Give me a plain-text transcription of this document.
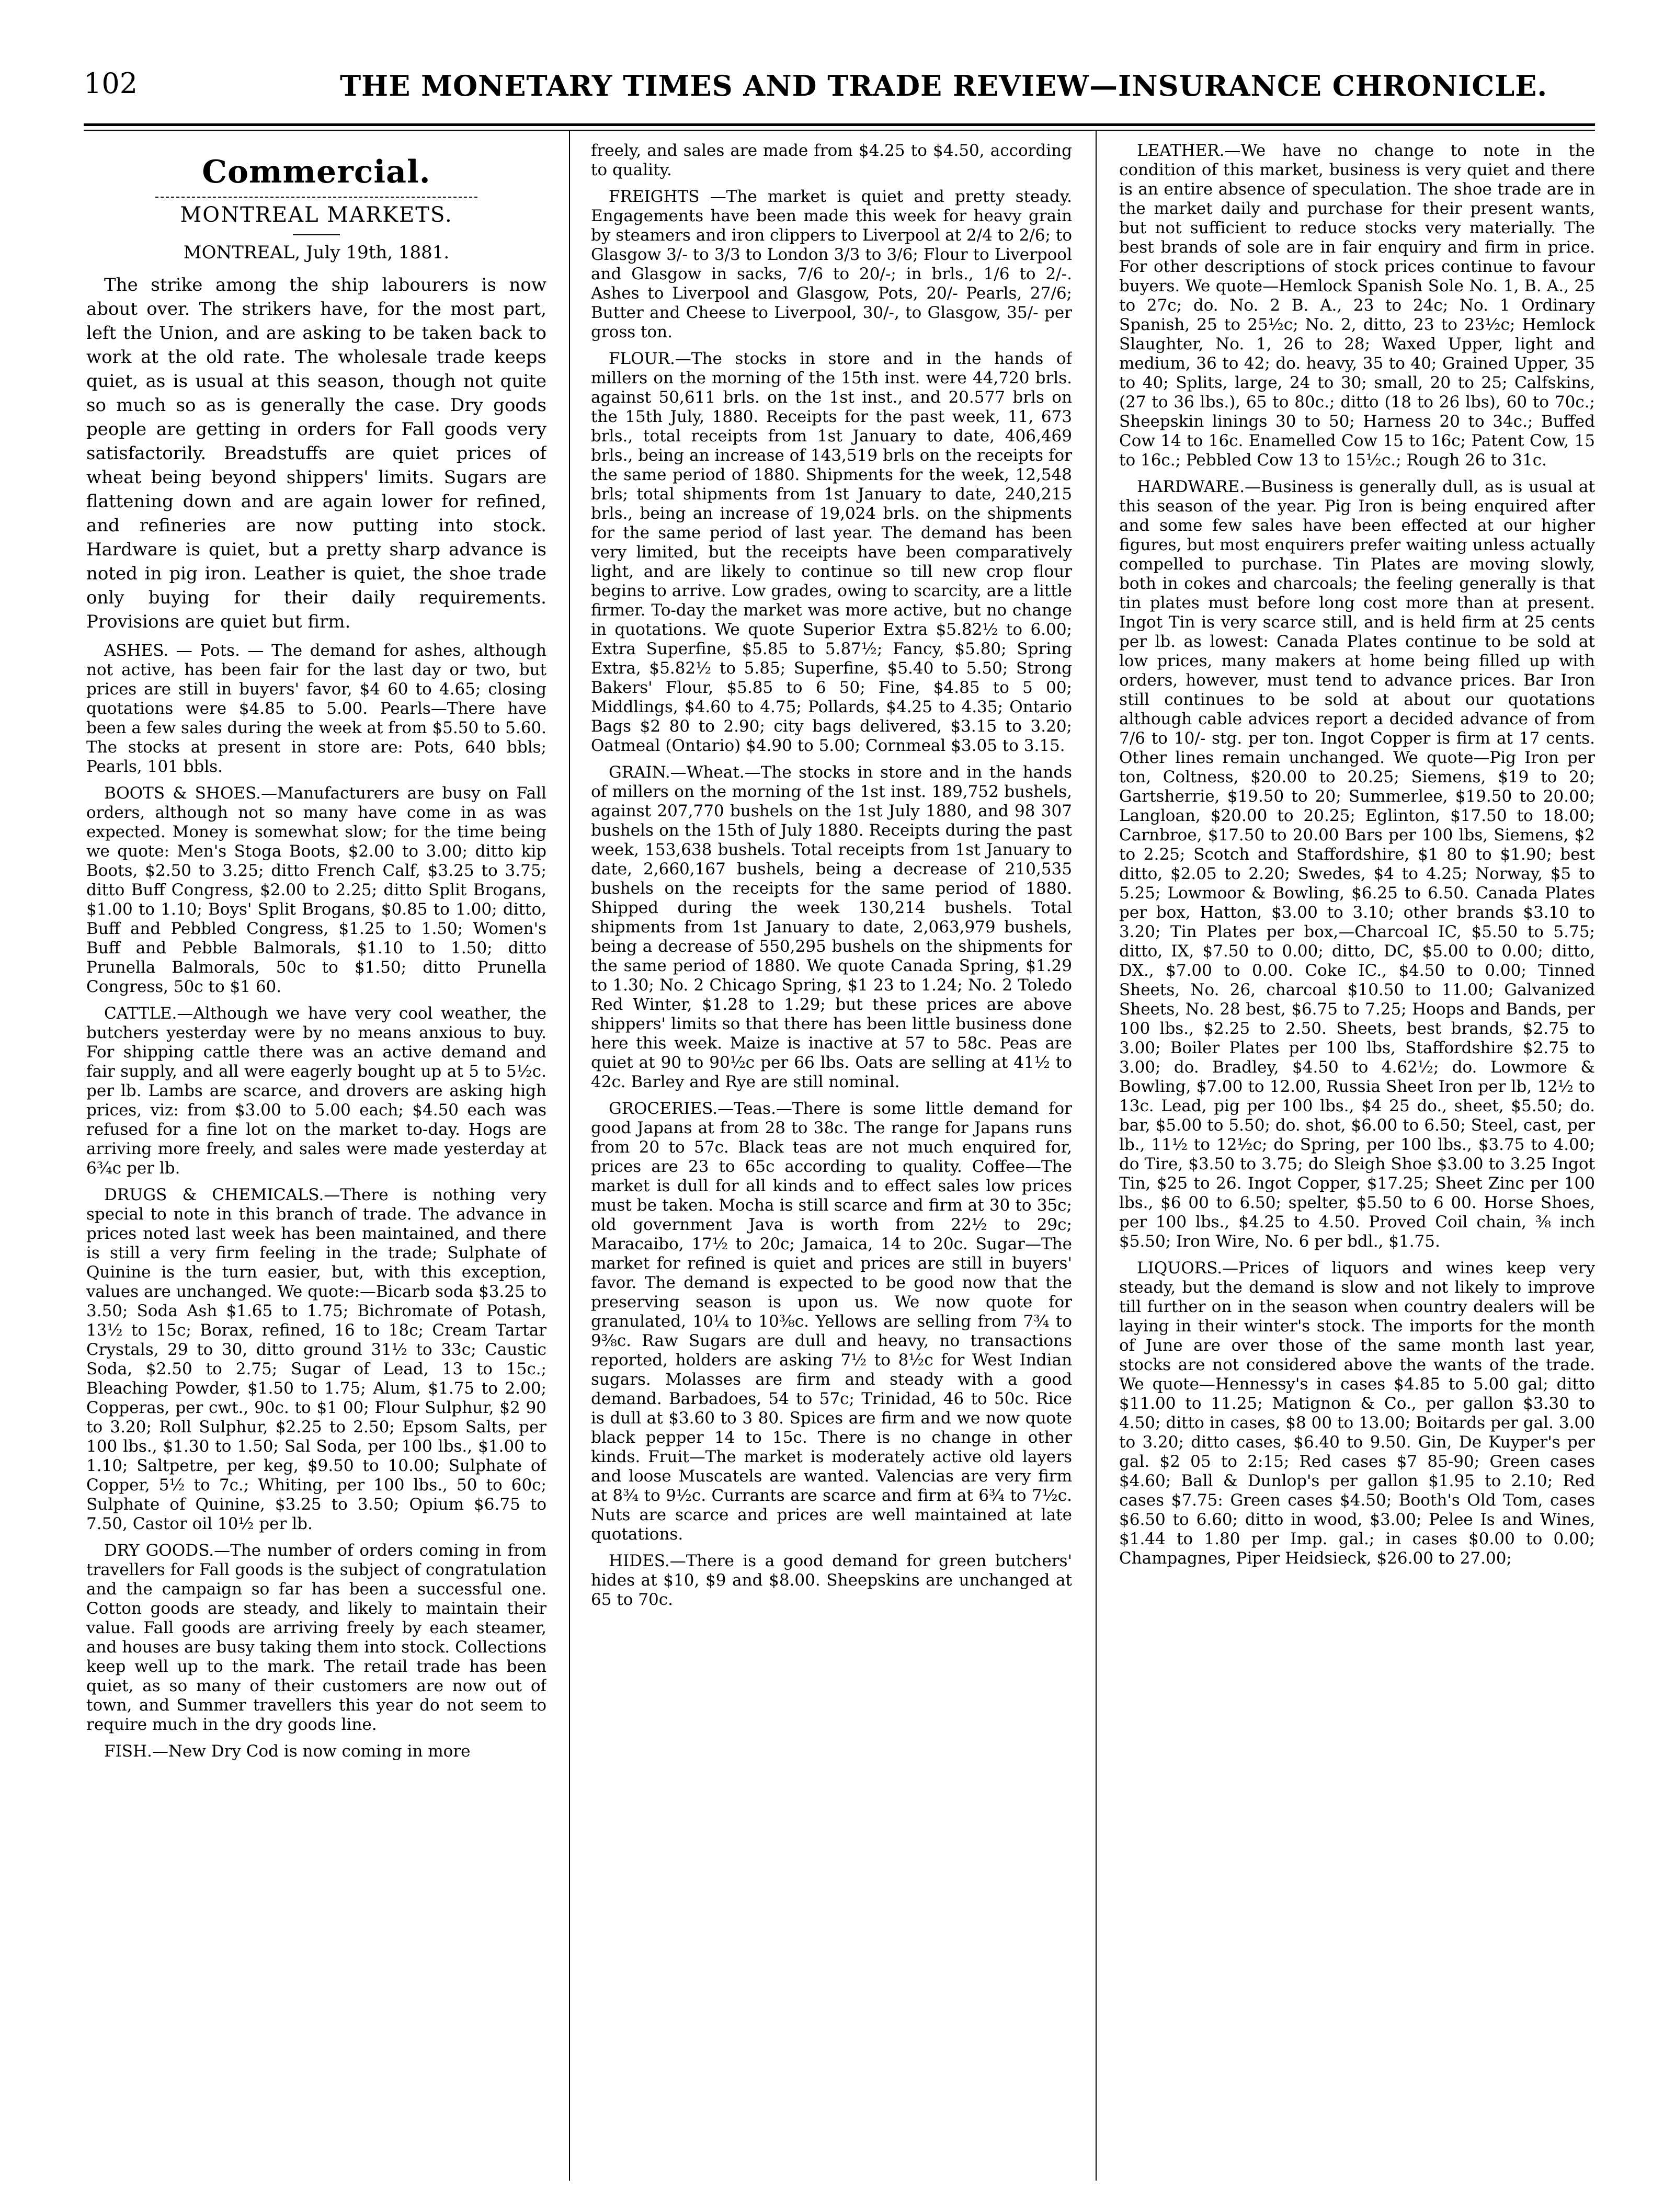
102	THE MONETARY TIMES AND TRADE REVIEW—INSURANCE CHRONICLE.
Commercial.
MONTREAL MARKETS.
MONTREAL, July 19th, 1881.

The strike among the ship labourers is now about over. The strikers have, for the most part, left the Union, and are asking to be taken back to work at the old rate. The wholesale trade keeps quiet, as is usual at this season, though not quite so much so as is generally the case. Dry goods people are getting in orders for Fall goods very satisfactorily. Breadstuffs are quiet prices of wheat being beyond shippers' limits. Sugars are flattening down and are again lower for refined, and refineries are now putting into stock. Hardware is quiet, but a pretty sharp advance is noted in pig iron. Leather is quiet, the shoe trade only buying for their daily requirements. Provisions are quiet but firm.

ASHES. — Pots. — The demand for ashes, although not active, has been fair for the last day or two, but prices are still in buyers' favor, $4 60 to 4.65; closing quotations were $4.85 to 5.00. Pearls—There have been a few sales during the week at from $5.50 to 5.60. The stocks at present in store are: Pots, 640 bbls; Pearls, 101 bbls.

BOOTS & SHOES.—Manufacturers are busy on Fall orders, although not so many have come in as was expected. Money is somewhat slow; for the time being we quote: Men's Stoga Boots, $2.00 to 3.00; ditto kip Boots, $2.50 to 3.25; ditto French Calf, $3.25 to 3.75; ditto Buff Congress, $2.00 to 2.25; ditto Split Brogans, $1.00 to 1.10; Boys' Split Brogans, $0.85 to 1.00; ditto, Buff and Pebbled Congress, $1.25 to 1.50; Women's Buff and Pebble Balmorals, $1.10 to 1.50; ditto Prunella Balmorals, 50c to $1.50; ditto Prunella Congress, 50c to $1 60.

CATTLE.—Although we have very cool weather, the butchers yesterday were by no means anxious to buy. For shipping cattle there was an active demand and fair supply, and all were eagerly bought up at 5 to 5½c. per lb. Lambs are scarce, and drovers are asking high prices, viz: from $3.00 to 5.00 each; $4.50 each was refused for a fine lot on the market to-day. Hogs are arriving more freely, and sales were made yesterday at 6¾c per lb.

DRUGS & CHEMICALS.—There is nothing very special to note in this branch of trade. The advance in prices noted last week has been maintained, and there is still a very firm feeling in the trade; Sulphate of Quinine is the turn easier, but, with this exception, values are unchanged. We quote:—Bicarb soda $3.25 to 3.50; Soda Ash $1.65 to 1.75; Bichromate of Potash, 13½ to 15c; Borax, refined, 16 to 18c; Cream Tartar Crystals, 29 to 30, ditto ground 31½ to 33c; Caustic Soda, $2.50 to 2.75; Sugar of Lead, 13 to 15c.; Bleaching Powder, $1.50 to 1.75; Alum, $1.75 to 2.00; Copperas, per cwt., 90c. to $1 00; Flour Sulphur, $2 90 to 3.20; Roll Sulphur, $2.25 to 2.50; Epsom Salts, per 100 lbs., $1.30 to 1.50; Sal Soda, per 100 lbs., $1.00 to 1.10; Saltpetre, per keg, $9.50 to 10.00; Sulphate of Copper, 5½ to 7c.; Whiting, per 100 lbs., 50 to 60c; Sulphate of Quinine, $3.25 to 3.50; Opium $6.75 to 7.50, Castor oil 10½ per lb.

DRY GOODS.—The number of orders coming in from travellers for Fall goods is the subject of congratulation and the campaign so far has been a successful one. Cotton goods are steady, and likely to maintain their value. Fall goods are arriving freely by each steamer, and houses are busy taking them into stock. Collections keep well up to the mark. The retail trade has been quiet, as so many of their customers are now out of town, and Summer travellers this year do not seem to require much in the dry goods line.

FISH.—New Dry Cod is now coming in more

freely, and sales are made from $4.25 to $4.50, according to quality.

FREIGHTS —The market is quiet and pretty steady. Engagements have been made this week for heavy grain by steamers and iron clippers to Liverpool at 2/4 to 2/6; to Glasgow 3/- to 3/3 to London 3/3 to 3/6; Flour to Liverpool and Glasgow in sacks, 7/6 to 20/-; in brls., 1/6 to 2/-. Ashes to Liverpool and Glasgow, Pots, 20/- Pearls, 27/6; Butter and Cheese to Liverpool, 30/-, to Glasgow, 35/- per gross ton.

FLOUR.—The stocks in store and in the hands of millers on the morning of the 15th inst. were 44,720 brls. against 50,611 brls. on the 1st inst., and 20.577 brls on the 15th July, 1880. Receipts for the past week, 11, 673 brls., total receipts from 1st January to date, 406,469 brls., being an increase of 143,519 brls on the receipts for the same period of 1880. Shipments for the week, 12,548 brls; total shipments from 1st January to date, 240,215 brls., being an increase of 19,024 brls. on the shipments for the same period of last year. The demand has been very limited, but the receipts have been comparatively light, and are likely to continue so till new crop flour begins to arrive. Low grades, owing to scarcity, are a little firmer. To-day the market was more active, but no change in quotations. We quote Superior Extra $5.82½ to 6.00; Extra Superfine, $5.85 to 5.87½; Fancy, $5.80; Spring Extra, $5.82½ to 5.85; Superfine, $5.40 to 5.50; Strong Bakers' Flour, $5.85 to 6 50; Fine, $4.85 to 5 00; Middlings, $4.60 to 4.75; Pollards, $4.25 to 4.35; Ontario Bags $2 80 to 2.90; city bags delivered, $3.15 to 3.20; Oatmeal (Ontario) $4.90 to 5.00; Cornmeal $3.05 to 3.15.

GRAIN.—Wheat.—The stocks in store and in the hands of millers on the morning of the 1st inst. 189,752 bushels, against 207,770 bushels on the 1st July 1880, and 98 307 bushels on the 15th of July 1880. Receipts during the past week, 153,638 bushels. Total receipts from 1st January to date, 2,660,167 bushels, being a decrease of 210,535 bushels on the receipts for the same period of 1880. Shipped during the week 130,214 bushels. Total shipments from 1st January to date, 2,063,979 bushels, being a decrease of 550,295 bushels on the shipments for the same period of 1880. We quote Canada Spring, $1.29 to 1.30; No. 2 Chicago Spring, $1 23 to 1.24; No. 2 Toledo Red Winter, $1.28 to 1.29; but these prices are above shippers' limits so that there has been little business done here this week. Maize is inactive at 57 to 58c. Peas are quiet at 90 to 90½c per 66 lbs. Oats are selling at 41½ to 42c. Barley and Rye are still nominal.

GROCERIES.—Teas.—There is some little demand for good Japans at from 28 to 38c. The range for Japans runs from 20 to 57c. Black teas are not much enquired for, prices are 23 to 65c according to quality. Coffee—The market is dull for all kinds and to effect sales low prices must be taken. Mocha is still scarce and firm at 30 to 35c; old government Java is worth from 22½ to 29c; Maracaibo, 17½ to 20c; Jamaica, 14 to 20c. Sugar—The market for refined is quiet and prices are still in buyers' favor. The demand is expected to be good now that the preserving season is upon us. We now quote for granulated, 10¼ to 10⅜c. Yellows are selling from 7¾ to 9⅜c. Raw Sugars are dull and heavy, no transactions reported, holders are asking 7½ to 8½c for West Indian sugars. Molasses are firm and steady with a good demand. Barbadoes, 54 to 57c; Trinidad, 46 to 50c. Rice is dull at $3.60 to 3 80. Spices are firm and we now quote black pepper 14 to 15c. There is no change in other kinds. Fruit—The market is moderately active old layers and loose Muscatels are wanted. Valencias are very firm at 8¾ to 9½c. Currants are scarce and firm at 6¾ to 7½c. Nuts are scarce and prices are well maintained at late quotations.

HIDES.—There is a good demand for green butchers' hides at $10, $9 and $8.00. Sheepskins are unchanged at 65 to 70c.

LEATHER.—We have no change to note in the condition of this market, business is very quiet and there is an entire absence of speculation. The shoe trade are in the market daily and purchase for their present wants, but not sufficient to reduce stocks very materially. The best brands of sole are in fair enquiry and firm in price. For other descriptions of stock prices continue to favour buyers. We quote—Hemlock Spanish Sole No. 1, B. A., 25 to 27c; do. No. 2 B. A., 23 to 24c; No. 1 Ordinary Spanish, 25 to 25½c; No. 2, ditto, 23 to 23½c; Hemlock Slaughter, No. 1, 26 to 28; Waxed Upper, light and medium, 36 to 42; do. heavy, 35 to 40; Grained Upper, 35 to 40; Splits, large, 24 to 30; small, 20 to 25; Calfskins, (27 to 36 lbs.), 65 to 80c.; ditto (18 to 26 lbs), 60 to 70c.; Sheepskin linings 30 to 50; Harness 20 to 34c.; Buffed Cow 14 to 16c. Enamelled Cow 15 to 16c; Patent Cow, 15 to 16c.; Pebbled Cow 13 to 15½c.; Rough 26 to 31c.

HARDWARE.—Business is generally dull, as is usual at this season of the year. Pig Iron is being enquired after and some few sales have been effected at our higher figures, but most enquirers prefer waiting unless actually compelled to purchase. Tin Plates are moving slowly, both in cokes and charcoals; the feeling generally is that tin plates must before long cost more than at present. Ingot Tin is very scarce still, and is held firm at 25 cents per lb. as lowest: Canada Plates continue to be sold at low prices, many makers at home being filled up with orders, however, must tend to advance prices. Bar Iron still continues to be sold at about our quotations although cable advices report a decided advance of from 7/6 to 10/- stg. per ton. Ingot Copper is firm at 17 cents. Other lines remain unchanged. We quote—Pig Iron per ton, Coltness, $20.00 to 20.25; Siemens, $19 to 20; Gartsherrie, $19.50 to 20; Summerlee, $19.50 to 20.00; Langloan, $20.00 to 20.25; Eglinton, $17.50 to 18.00; Carnbroe, $17.50 to 20.00 Bars per 100 lbs, Siemens, $2 to 2.25; Scotch and Staffordshire, $1 80 to $1.90; best ditto, $2.05 to 2.20; Swedes, $4 to 4.25; Norway, $5 to 5.25; Lowmoor & Bowling, $6.25 to 6.50. Canada Plates per box, Hatton, $3.00 to 3.10; other brands $3.10 to 3.20; Tin Plates per box,—Charcoal IC, $5.50 to 5.75; ditto, IX, $7.50 to 0.00; ditto, DC, $5.00 to 0.00; ditto, DX., $7.00 to 0.00. Coke IC., $4.50 to 0.00; Tinned Sheets, No. 26, charcoal $10.50 to 11.00; Galvanized Sheets, No. 28 best, $6.75 to 7.25; Hoops and Bands, per 100 lbs., $2.25 to 2.50. Sheets, best brands, $2.75 to 3.00; Boiler Plates per 100 lbs, Staffordshire $2.75 to 3.00; do. Bradley, $4.50 to 4.62½; do. Lowmore & Bowling, $7.00 to 12.00, Russia Sheet Iron per lb, 12½ to 13c. Lead, pig per 100 lbs., $4 25 do., sheet, $5.50; do. bar, $5.00 to 5.50; do. shot, $6.00 to 6.50; Steel, cast, per lb., 11½ to 12½c; do Spring, per 100 lbs., $3.75 to 4.00; do Tire, $3.50 to 3.75; do Sleigh Shoe $3.00 to 3.25 Ingot Tin, $25 to 26. Ingot Copper, $17.25; Sheet Zinc per 100 lbs., $6 00 to 6.50; spelter, $5.50 to 6 00. Horse Shoes, per 100 lbs., $4.25 to 4.50. Proved Coil chain, ⅜ inch $5.50; Iron Wire, No. 6 per bdl., $1.75.

LIQUORS.—Prices of liquors and wines keep very steady, but the demand is slow and not likely to improve till further on in the season when country dealers will be laying in their winter's stock. The imports for the month of June are over those of the same month last year, stocks are not considered above the wants of the trade. We quote—Hennessy's in cases $4.85 to 5.00 gal; ditto $11.00 to 11.25; Matignon & Co., per gallon $3.30 to 4.50; ditto in cases, $8 00 to 13.00; Boitards per gal. 3.00 to 3.20; ditto cases, $6.40 to 9.50. Gin, De Kuyper's per gal. $2 05 to 2:15; Red cases $7 85-90; Green cases $4.60; Ball & Dunlop's per gallon $1.95 to 2.10; Red cases $7.75: Green cases $4.50; Booth's Old Tom, cases $6.50 to 6.60; ditto in wood, $3.00; Pelee Is and Wines, $1.44 to 1.80 per Imp. gal.; in cases $0.00 to 0.00; Champagnes, Piper Heidsieck, $26.00 to 27.00;
